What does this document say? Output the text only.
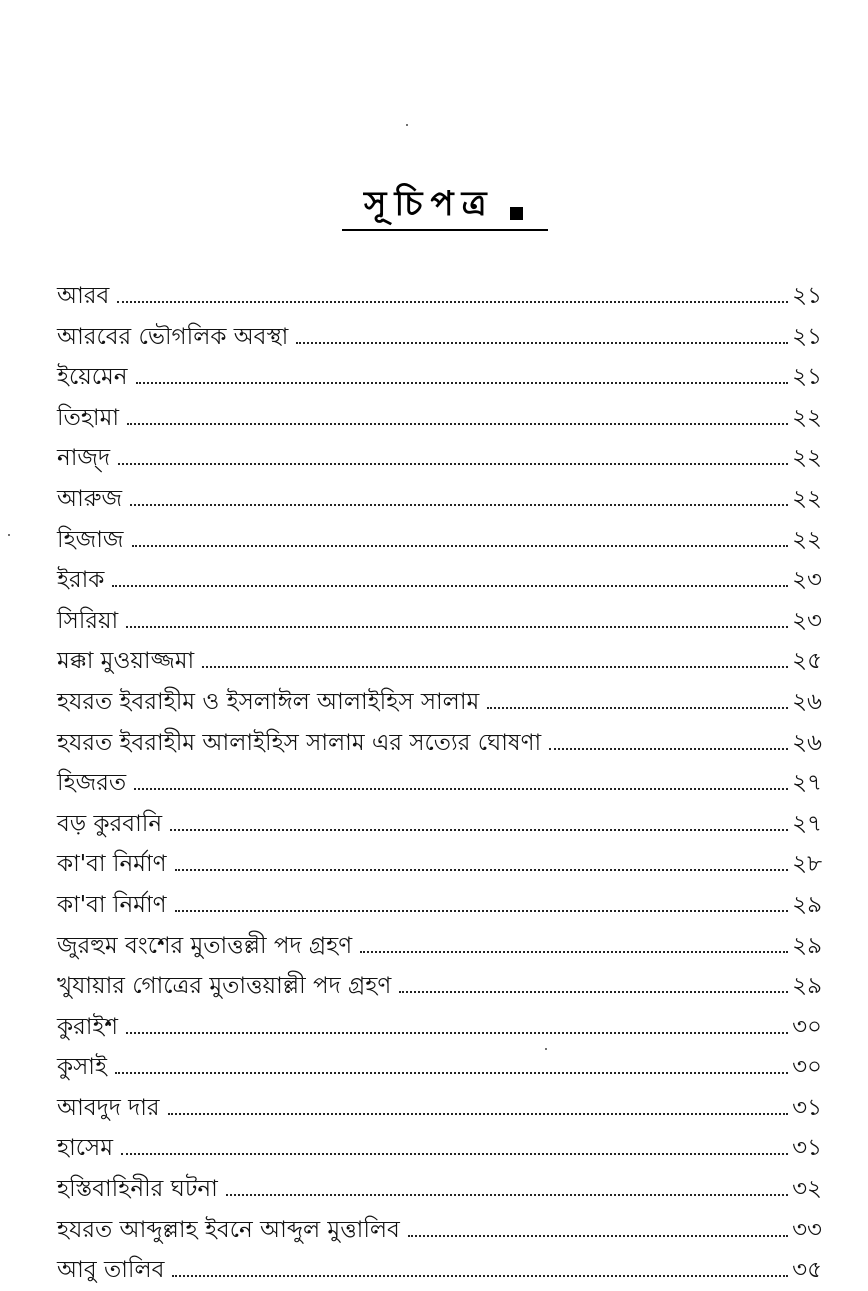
সূচিপত্র
আরব	২১
আরবের ভৌগলিক অবস্থা	২১
ইয়েমেন	২১
তিহামা	২২
নাজ্দ	২২
আরুজ	২২
হিজাজ	২২
ইরাক	২৩
সিরিয়া	২৩
মক্কা মুওয়াজ্জমা	২৫
হযরত ইবরাহীম ও ইসলাঈল আলাইহিস সালাম	২৬
হযরত ইবরাহীম আলাইহিস সালাম এর সত্যের ঘোষণা	২৬
হিজরত	২৭
বড় কুরবানি	২৭
কা'বা নির্মাণ	২৮
কা'বা নির্মাণ	২৯
জুরহুম বংশের মুতাত্তল্লী পদ গ্রহণ	২৯
খুযায়ার গোত্রের মুতাত্তয়াল্লী পদ গ্রহণ	২৯
কুরাইশ	৩০
কুসাই	৩০
আবদুদ দার	৩১
হাসেম	৩১
হস্তিবাহিনীর ঘটনা	৩২
হযরত আব্দুল্লাহ ইবনে আব্দুল মুত্তালিব	৩৩
আবু তালিব	৩৫
